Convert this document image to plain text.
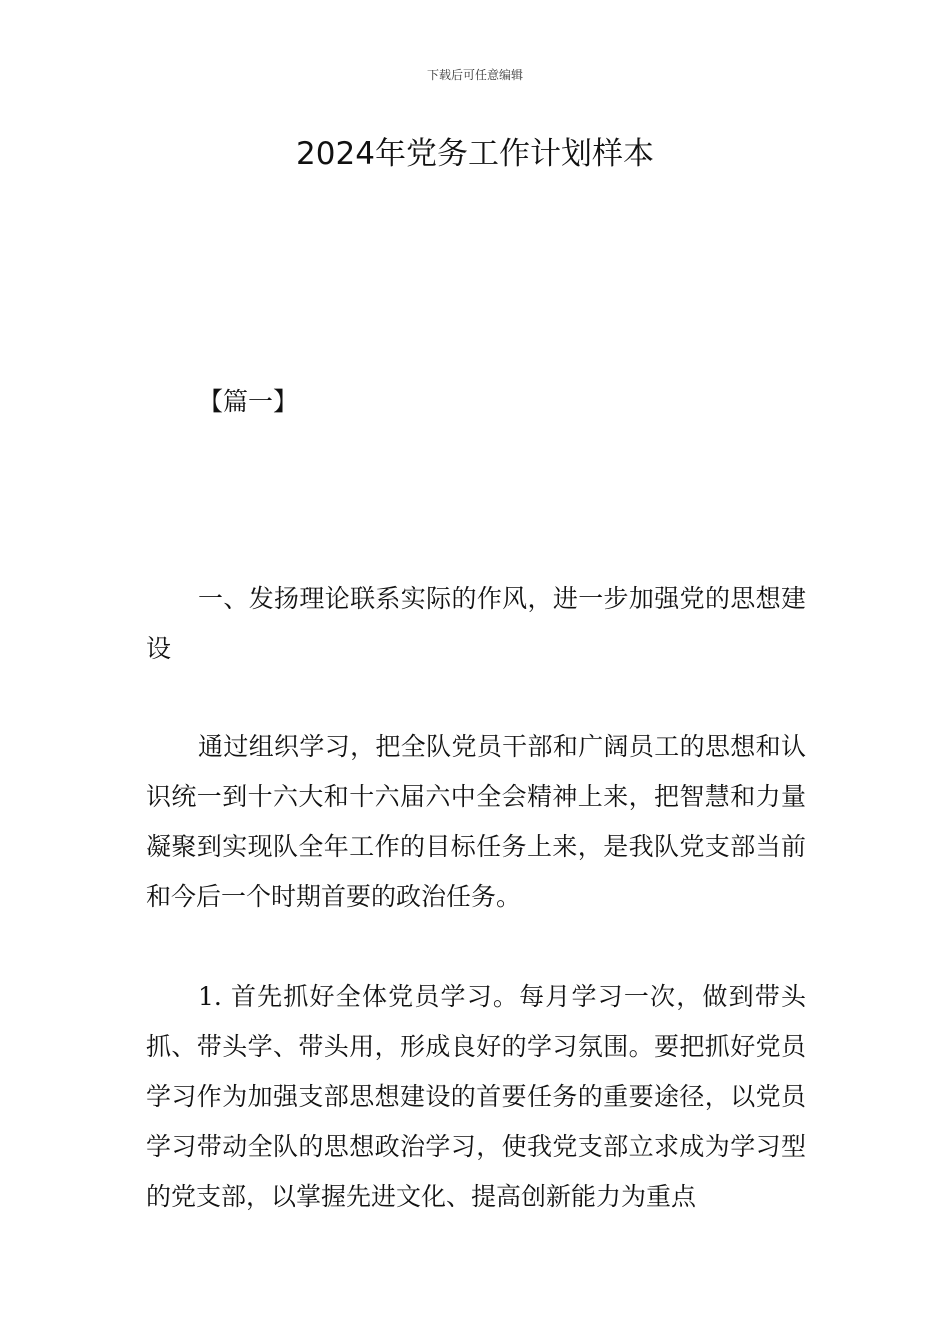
下载后可任意编辑
2024年党务工作计划样本
【篇一】

一、发扬理论联系实际的作风，进一步加强党的思想建设

通过组织学习，把全队党员干部和广阔员工的思想和认识统一到十六大和十六届六中全会精神上来，把智慧和力量凝聚到实现队全年工作的目标任务上来，是我队党支部当前和今后一个时期首要的政治任务。

1. 首先抓好全体党员学习。每月学习一次，做到带头抓、带头学、带头用，形成良好的学习氛围。要把抓好党员学习作为加强支部思想建设的首要任务的重要途径，以党员学习带动全队的思想政治学习，使我党支部立求成为学习型的党支部，以掌握先进文化、提高创新能力为重点
